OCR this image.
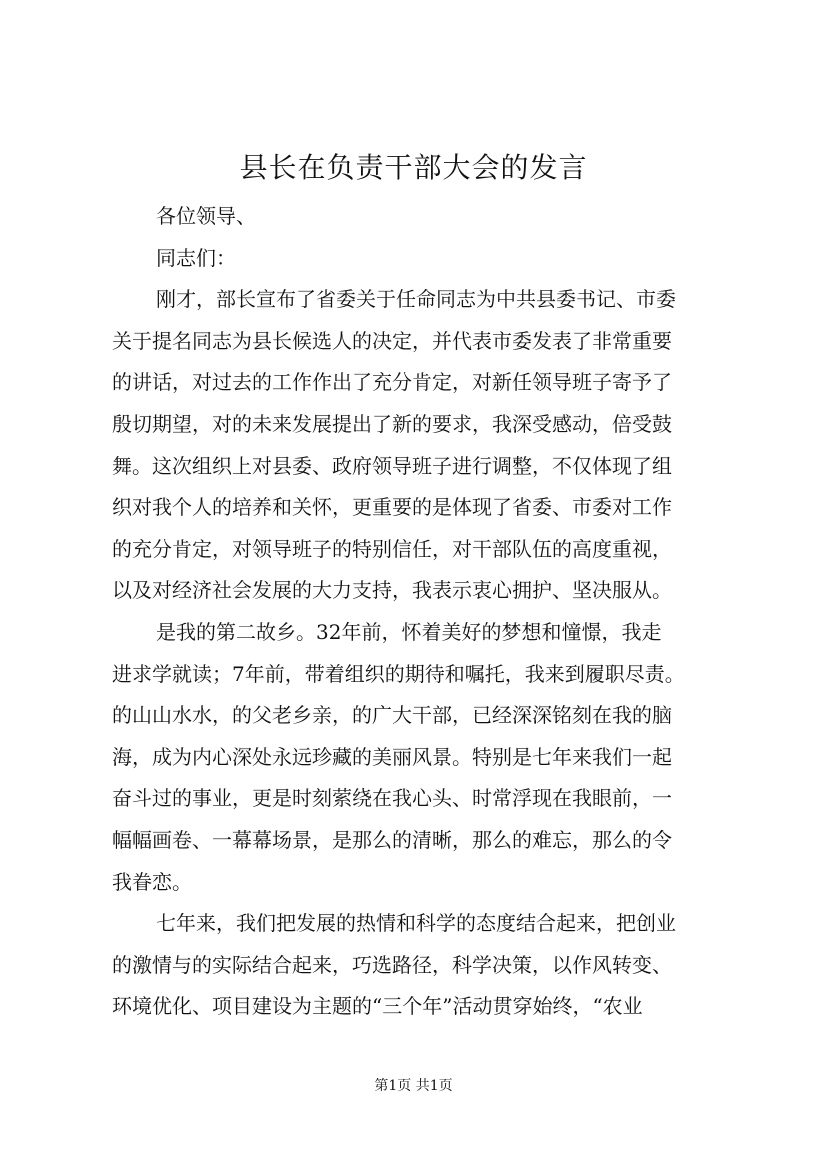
县长在负责干部大会的发言
各位领导、
同志们：
刚才，部长宣布了省委关于任命同志为中共县委书记、市委
关于提名同志为县长候选人的决定，并代表市委发表了非常重要
的讲话，对过去的工作作出了充分肯定，对新任领导班子寄予了
殷切期望，对的未来发展提出了新的要求，我深受感动，倍受鼓
舞。这次组织上对县委、政府领导班子进行调整，不仅体现了组
织对我个人的培养和关怀，更重要的是体现了省委、市委对工作
的充分肯定，对领导班子的特别信任，对干部队伍的高度重视，
以及对经济社会发展的大力支持，我表示衷心拥护、坚决服从。
是我的第二故乡。32年前，怀着美好的梦想和憧憬，我走
进求学就读；7年前，带着组织的期待和嘱托，我来到履职尽责。
的山山水水，的父老乡亲，的广大干部，已经深深铭刻在我的脑
海，成为内心深处永远珍藏的美丽风景。特别是七年来我们一起
奋斗过的事业，更是时刻萦绕在我心头、时常浮现在我眼前，一
幅幅画卷、一幕幕场景，是那么的清晰，那么的难忘，那么的令
我眷恋。
七年来，我们把发展的热情和科学的态度结合起来，把创业
的激情与的实际结合起来，巧选路径，科学决策，以作风转变、
环境优化、项目建设为主题的“三个年”活动贯穿始终，“农业
第1页 共1页
